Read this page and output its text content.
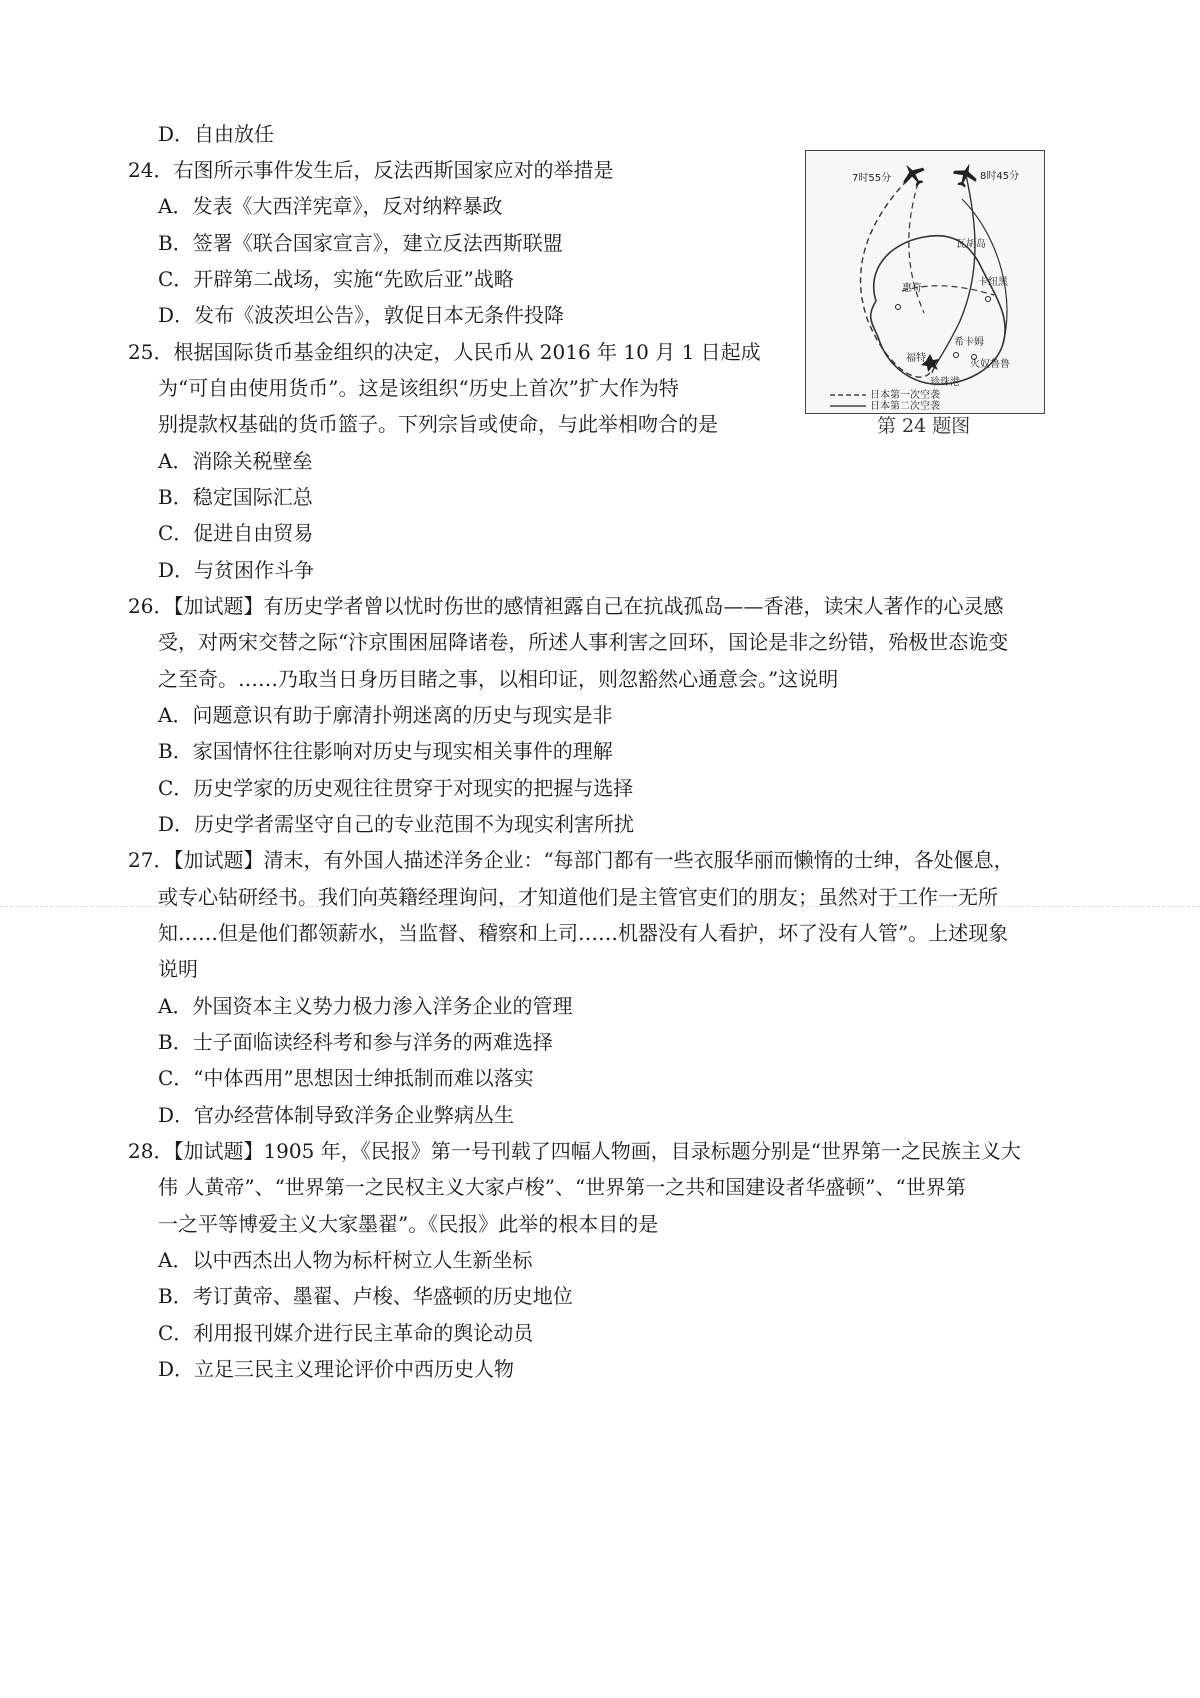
D．自由放任
24．右图所示事件发生后，反法西斯国家应对的举措是
A．发表《大西洋宪章》，反对纳粹暴政
B．签署《联合国家宣言》，建立反法西斯联盟
C．开辟第二战场，实施“先欧后亚”战略
D．发布《波茨坦公告》，敦促日本无条件投降
25．根据国际货币基金组织的决定，人民币从 2016 年 10 月 1 日起成
为“可自由使用货币”。这是该组织“历史上首次”扩大作为特
别提款权基础的货币篮子。下列宗旨或使命，与此举相吻合的是
A．消除关税壁垒
B．稳定国际汇总
C．促进自由贸易
D．与贫困作斗争
26．【加试题】有历史学者曾以忧时伤世的感情袒露自己在抗战孤岛——香港，读宋人著作的心灵感
受，对两宋交替之际“汴京围困屈降诸卷，所述人事利害之回环，国论是非之纷错，殆极世态诡变
之至奇。……乃取当日身历目睹之事，以相印证，则忽豁然心通意会。”这说明
A．问题意识有助于廓清扑朔迷离的历史与现实是非
B．家国情怀往往影响对历史与现实相关事件的理解
C．历史学家的历史观往往贯穿于对现实的把握与选择
D．历史学者需坚守自己的专业范围不为现实利害所扰
27．【加试题】清末，有外国人描述洋务企业：“每部门都有一些衣服华丽而懒惰的士绅，各处偃息，
或专心钻研经书。我们向英籍经理询问，才知道他们是主管官吏们的朋友；虽然对于工作一无所
知……但是他们都领薪水，当监督、稽察和上司……机器没有人看护，坏了没有人管”。上述现象
说明
A．外国资本主义势力极力渗入洋务企业的管理
B．士子面临读经科考和参与洋务的两难选择
C．“中体西用”思想因士绅抵制而难以落实
D．官办经营体制导致洋务企业弊病丛生
28．【加试题】1905 年，《民报》第一号刊载了四幅人物画，目录标题分别是“世界第一之民族主义大
伟 人黄帝”、“世界第一之民权主义大家卢梭”、“世界第一之共和国建设者华盛顿”、“世界第
一之平等博爱主义大家墨翟”。《民报》此举的根本目的是
A．以中西杰出人物为标杆树立人生新坐标
B．考订黄帝、墨翟、卢梭、华盛顿的历史地位
C．利用报刊媒介进行民主革命的舆论动员
D．立足三民主义理论评价中西历史人物
7时55分	8时45分
瓦胡岛
惠奇
卡纽黑
希卡姆
福特
火奴鲁鲁
珍珠港
日本第一次空袭
日本第二次空袭
第 24 题图
